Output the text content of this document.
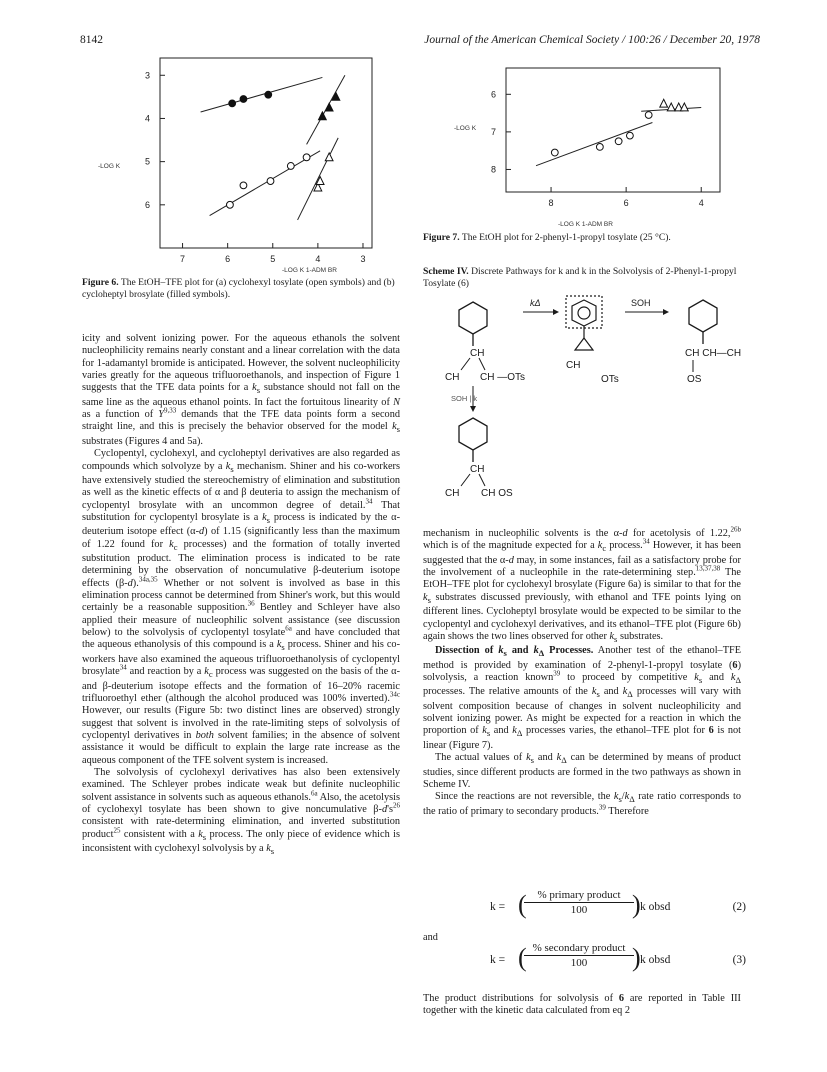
8142	Journal of the American Chemical Society / 100:26 / December 20, 1978
3
4
5
6
7	6	5	4	3
-LOG K
-LOG K 1-ADM BR
Figure 6. The EtOH–TFE plot for (a) cyclohexyl tosylate (open symbols) and (b) cycloheptyl brosylate (filled symbols).
6
7
8
8	6	4
-LOG K
-LOG K 1-ADM BR
Figure 7. The EtOH plot for 2-phenyl-1-propyl tosylate (25 °C).
Scheme IV. Discrete Pathways for k and k in the Solvolysis of 2-Phenyl-1-propyl Tosylate (6)
CH
CH CH —OTs
kΔ
CH
OTs
SOH
CH CH—CH
OS
SOH | k
CH
CH CH OS

icity and solvent ionizing power. For the aqueous ethanols the solvent nucleophilicity remains nearly constant and a linear correlation with the data for 1-adamantyl bromide is anticipated. However, the solvent nucleophilicity varies greatly for the aqueous trifluoroethanols, and inspection of Figure 1 suggests that the TFE data points for a $k_s$ substance should not fall on the same line as the aqueous ethanol points. In fact the fortuitous linearity of N as a function of Y$^{9,33}$ demands that the TFE data points form a second straight line, and this is precisely the behavior observed for the model $k_s$ substrates (Figures 4 and 5a).

Cyclopentyl, cyclohexyl, and cycloheptyl derivatives are also regarded as compounds which solvolyze by a $k_s$ mechanism. Shiner and his co-workers have extensively studied the stereochemistry of elimination and substitution as well as the kinetic effects of α and β deuteria to assign the mechanism of cyclopentyl brosylate with an uncommon degree of detail.$^{34}$ That substitution for cyclopentyl brosylate is a $k_s$ process is indicated by the α-deuterium isotope effect (α-d) of 1.15 (significantly less than the maximum of 1.22 found for $k_c$ processes) and the formation of totally inverted substitution product. The elimination process is indicated to be rate determining by the observation of noncumulative β-deuterium isotope effects (β-d).$^{34a,35}$ Whether or not solvent is involved as base in this elimination process cannot be determined from Shiner's work, but this would certainly be a reasonable supposition.$^{36}$ Bentley and Schleyer have also applied their measure of nucleophilic solvent assistance (see discussion below) to the solvolysis of cyclopentyl tosylate$^{6a}$ and have concluded that the aqueous ethanolysis of this compound is a $k_s$ process. Shiner and his co-workers have also examined the aqueous trifluoroethanolysis of cyclopentyl brosylate$^{34}$ and reaction by a $k_c$ process was suggested on the basis of the α- and β-deuterium isotope effects and the formation of 16–20% racemic trifluoroethyl ether (although the alcohol produced was 100% inverted).$^{34c}$ However, our results (Figure 5b: two distinct lines are observed) strongly suggest that solvent is involved in the rate-limiting steps of solvolysis of cyclopentyl derivatives in both solvent families; in the absence of solvent assistance it would be difficult to explain the large rate increase as the aqueous component of the TFE solvent system is increased.

The solvolysis of cyclohexyl derivatives has also been extensively examined. The Schleyer probes indicate weak but definite nucleophilic solvent assistance in solvents such as aqueous ethanols.$^{6a}$ Also, the acetolysis of cyclohexyl tosylate has been shown to give noncumulative $\beta-d's^{26}$ consistent with rate-determining elimination, and inverted substitution product$^{25}$ consistent with a $k_s$ process. The only piece of evidence which is inconsistent with cyclohexyl solvolysis by a $k_s$

mechanism in nucleophilic solvents is the α-d for acetolysis of 1.22,$^{26b}$ which is of the magnitude expected for a $k_c$ process.$^{34}$ However, it has been suggested that the α-d may, in some instances, fail as a satisfactory probe for the involvement of a nucleophile in the rate-determining step.$^{13,37,38}$ The EtOH–TFE plot for cyclohexyl brosylate (Figure 6a) is similar to that for the $k_s$ substrates discussed previously, with ethanol and TFE points lying on different lines. Cycloheptyl brosylate would be expected to be similar to the cyclopentyl and cyclohexyl derivatives, and its ethanol–TFE plot (Figure 6b) again shows the two lines observed for other $k_s$ substrates.

Dissection of $k_s$ and $k_\Delta$ Processes. Another test of the ethanol–TFE method is provided by examination of 2-phenyl-1-propyl tosylate (6) solvolysis, a reaction known$^{39}$ to proceed by competitive $k_s$ and $k_\Delta$ processes. The relative amounts of the $k_s$ and $k_\Delta$ processes will vary with solvent composition because of changes in solvent nucleophilicity and solvent ionizing power. As might be expected for a reaction in which the proportion of $k_s$ and $k_\Delta$ processes varies, the ethanol–TFE plot for 6 is not linear (Figure 7).

The actual values of $k_s$ and $k_\Delta$ can be determined by means of product studies, since different products are formed in the two pathways as shown in Scheme IV.

Since the reactions are not reversible, the $k_s/k_\Delta$ rate ratio corresponds to the ratio of primary to secondary products.$^{39}$ Therefore

k = ( % primary product
100	) k obsd	(2)
and
k = ( % secondary product
100	) k obsd	(3)

The product distributions for solvolysis of 6 are reported in Table III together with the kinetic data calculated from eq 2
